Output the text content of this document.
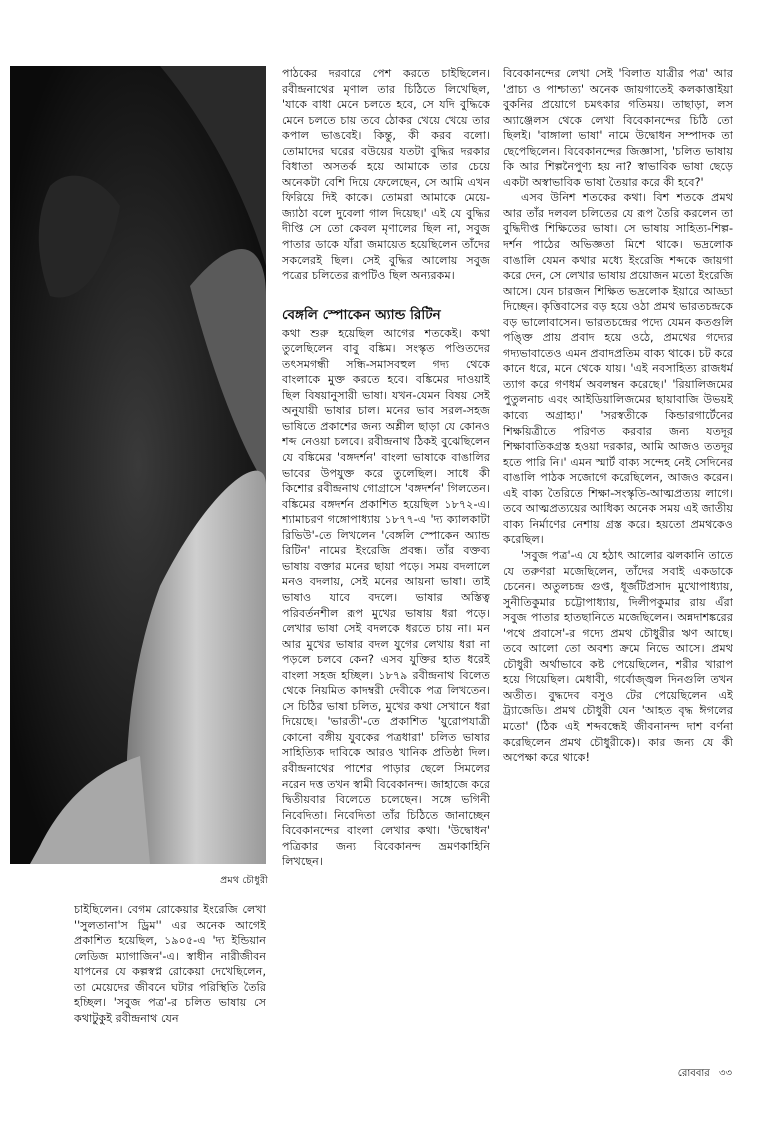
প্রমথ চৌধুরী

চাইছিলেন। বেগম রোকেয়ার ইংরেজি লেখা ''সুলতানা'স ড্রিম'' এর অনেক আগেই প্রকাশিত হয়েছিল, ১৯০৫-এ 'দ্য ইন্ডিয়ান লেডিজ ম্যাগাজিন'-এ। স্বাধীন নারীজীবন যাপনের যে কল্পস্বপ্ন রোকেয়া দেখেছিলেন, তা মেয়েদের জীবনে ঘটার পরিস্থিতি তৈরি হচ্ছিল। 'সবুজ পত্র'-র চলিত ভাষায় সে কথাটুকুই রবীন্দ্রনাথ যেন

পাঠকের দরবারে পেশ করতে চাইছিলেন। রবীন্দ্রনাথের মৃণাল তার চিঠিতে লিখেছিল, 'যাকে বাধা মেনে চলতে হবে, সে যদি বুদ্ধিকে মেনে চলতে চায় তবে ঠোকর খেয়ে খেয়ে তার কপাল ভাঙবেই। কিন্তু, কী করব বলো। তোমাদের ঘরের বউয়ের যতটা বুদ্ধির দরকার বিধাতা অসতর্ক হয়ে আমাকে তার চেয়ে অনেকটা বেশি দিয়ে ফেলেছেন, সে আমি এখন ফিরিয়ে দিই কাকে। তোমরা আমাকে মেয়ে-জ্যাঠা বলে দুবেলা গাল দিয়েছ।' এই যে বুদ্ধির দীপ্তি সে তো কেবল মৃণালের ছিল না, সবুজ পাতার ডাকে যাঁরা জমায়েত হয়েছিলেন তাঁদের সকলেরই ছিল। সেই বুদ্ধির আলোয় সবুজ পত্রের চলিতের রূপটিও ছিল অন্যরকম।

বেঙ্গলি স্পোকেন অ্যান্ড রিটিন

কথা শুরু হয়েছিল আগের শতকেই। কথা তুলেছিলেন বাবু বঙ্কিম। সংস্কৃত পণ্ডিতদের তৎসমগন্ধী সন্ধি-সমাসবহুল গদ্য থেকে বাংলাকে মুক্ত করতে হবে। বঙ্কিমের দাওয়াই ছিল বিষয়ানুসারী ভাষা। যখন-যেমন বিষয় সেই অনুযায়ী ভাষার চাল। মনের ভাব সরল-সহজ ভাষিতে প্রকাশের জন্য অশ্লীল ছাড়া যে কোনও শব্দ নেওয়া চলবে। রবীন্দ্রনাথ ঠিকই বুঝেছিলেন যে বঙ্কিমের 'বঙ্গদর্শন' বাংলা ভাষাকে বাঙালির ভাবের উপযুক্ত করে তুলেছিল। সাধে কী কিশোর রবীন্দ্রনাথ গোগ্রাসে 'বঙ্গদর্শন' গিলতেন। বঙ্কিমের বঙ্গদর্শন প্রকাশিত হয়েছিল ১৮৭২-এ। শ্যামাচরণ গঙ্গোপাধ্যায় ১৮৭৭-এ 'দ্য ক্যালকাটা রিভিউ'-তে লিখলেন 'বেঙ্গলি স্পোকেন অ্যান্ড রিটিন' নামের ইংরেজি প্রবন্ধ। তাঁর বক্তব্য ভাষায় বক্তার মনের ছায়া পড়ে। সময় বদলালে মনও বদলায়, সেই মনের আয়না ভাষা। তাই ভাষাও যাবে বদলে। ভাষার অস্তিত্ব পরিবর্তনশীল রূপ মুখের ভাষায় ধরা পড়ে। লেখার ভাষা সেই বদলকে ধরতে চায় না। মন আর মুখের ভাষার বদল যুগের লেখায় ধরা না পড়লে চলবে কেন? এসব যুক্তির হাত ধরেই বাংলা সহজ হচ্ছিল। ১৮৭৯ রবীন্দ্রনাথ বিলেত থেকে নিয়মিত কাদম্বরী দেবীকে পত্র লিখতেন। সে চিঠির ভাষা চলিত, মুখের কথা সেখানে ধরা দিয়েছে। 'ভারতী'-তে প্রকাশিত 'য়ুরোপযাত্রী কোনো বঙ্গীয় যুবকের পত্রধারা' চলিত ভাষার সাহিত্যিক দাবিকে আরও খানিক প্রতিষ্ঠা দিল। রবীন্দ্রনাথের পাশের পাড়ার ছেলে সিমলের নরেন দত্ত তখন স্বামী বিবেকানন্দ। জাহাজে করে দ্বিতীয়বার বিলেতে চলেছেন। সঙ্গে ভগিনী নিবেদিতা। নিবেদিতা তাঁর চিঠিতে জানাচ্ছেন বিবেকানন্দের বাংলা লেখার কথা। 'উদ্বোধন' পত্রিকার জন্য বিবেকানন্দ ভ্রমণকাহিনি লিখছেন।

বিবেকানন্দের লেখা সেই 'বিলাত যাত্রীর পত্র' আর 'প্রাচ্য ও পাশ্চাত্য' অনেক জায়গাতেই কলকাত্তাইয়া বুকনির প্রয়োগে চমৎকার গতিময়। তাছাড়া, লস অ্যাঞ্জেলস থেকে লেখা বিবেকানন্দের চিঠি তো ছিলই। 'বাঙ্গালা ভাষা' নামে উদ্বোধন সম্পাদক তা ছেপেছিলেন। বিবেকানন্দের জিজ্ঞাসা, 'চলিত ভাষায় কি আর শিল্পনৈপুণ্য হয় না? স্বাভাবিক ভাষা ছেড়ে একটা অস্বাভাবিক ভাষা তৈয়ার করে কী হবে?'

এসব উনিশ শতকের কথা। বিশ শতকে প্রমথ আর তাঁর দলবল চলিতের যে রূপ তৈরি করলেন তা বুদ্ধিদীপ্ত শিক্ষিতের ভাষা। সে ভাষায় সাহিত্য-শিল্প-দর্শন পাঠের অভিজ্ঞতা মিশে থাকে। ভদ্রলোক বাঙালি যেমন কথার মধ্যে ইংরেজি শব্দকে জায়গা করে দেন, সে লেখার ভাষায় প্রয়োজন মতো ইংরেজি আসে। যেন চারজন শিক্ষিত ভদ্রলোক ইয়ারে আড্ডা দিচ্ছেন। কৃত্তিবাসের বড় হয়ে ওঠা প্রমথ ভারতচন্দ্রকে বড় ভালোবাসেন। ভারতচন্দ্রের পদ্যে যেমন কতগুলি পঙ্ক্তি প্রায় প্রবাদ হয়ে ওঠে, প্রমথের গদ্যের গদ্যভাবাতেও এমন প্রবাদপ্রতিম বাক্য থাকে। চট করে কানে ধরে, মনে থেকে যায়। 'এই নবসাহিত্য রাজধর্ম ত্যাগ করে গণধর্ম অবলম্বন করেছে।' 'রিয়ালিজমের পুতুলনাচ এবং আইডিয়ালিজমের ছায়াবাজি উভয়ই কাব্যে অগ্রাহ্য।' 'সরস্বতীকে কিন্ডারগার্টেনের শিক্ষয়িত্রীতে পরিণত করবার জন্য যতদূর শিক্ষাবাতিকগ্রস্ত হওয়া দরকার, আমি আজও ততদূর হতে পারি নি।' এমন স্মার্ট বাক্য সন্দেহ নেই সেদিনের বাঙালি পাঠক সজোগে করেছিলেন, আজও করেন। এই বাক্য তৈরিতে শিক্ষা-সংস্কৃতি-আত্মপ্রত্যয় লাগে। তবে আত্মপ্রত্যয়ের আধিক্য অনেক সময় এই জাতীয় বাক্য নির্মাণের নেশায় গ্রস্ত করে। হয়তো প্রমথকেও করেছিল।

'সবুজ পত্র'-এ যে হঠাৎ আলোর ঝলকানি তাতে যে তরুণরা মজেছিলেন, তাঁদের সবাই একডাকে চেনেন। অতুলচন্দ্র গুপ্ত, ধূর্জটিপ্রসাদ মুখোপাধ্যায়, সুনীতিকুমার চট্টোপাধ্যায়, দিলীপকুমার রায় এঁরা সবুজ পাতার হাতছানিতে মজেছিলেন। অন্নদাশঙ্করের 'পথে প্রবাসে'-র গদ্যে প্রমথ চৌধুরীর ঋণ আছে। তবে আলো তো অবশ্য ক্রমে নিভে আসে। প্রমথ চৌধুরী অর্থাভাবে কষ্ট পেয়েছিলেন, শরীর খারাপ হয়ে গিয়েছিল। মেধাবী, গর্বোজ্জ্বল দিনগুলি তখন অতীত। বুদ্ধদেব বসুও টের পেয়েছিলেন এই ট্র্যাজেডি। প্রমথ চৌধুরী যেন 'আহত বৃদ্ধ ঈগলের মতো' (ঠিক এই শব্দবন্ধেই জীবনানন্দ দাশ বর্ণনা করেছিলেন প্রমথ চৌধুরীকে)। কার জন্য যে কী অপেক্ষা করে থাকে!

রোববার ৩৩
